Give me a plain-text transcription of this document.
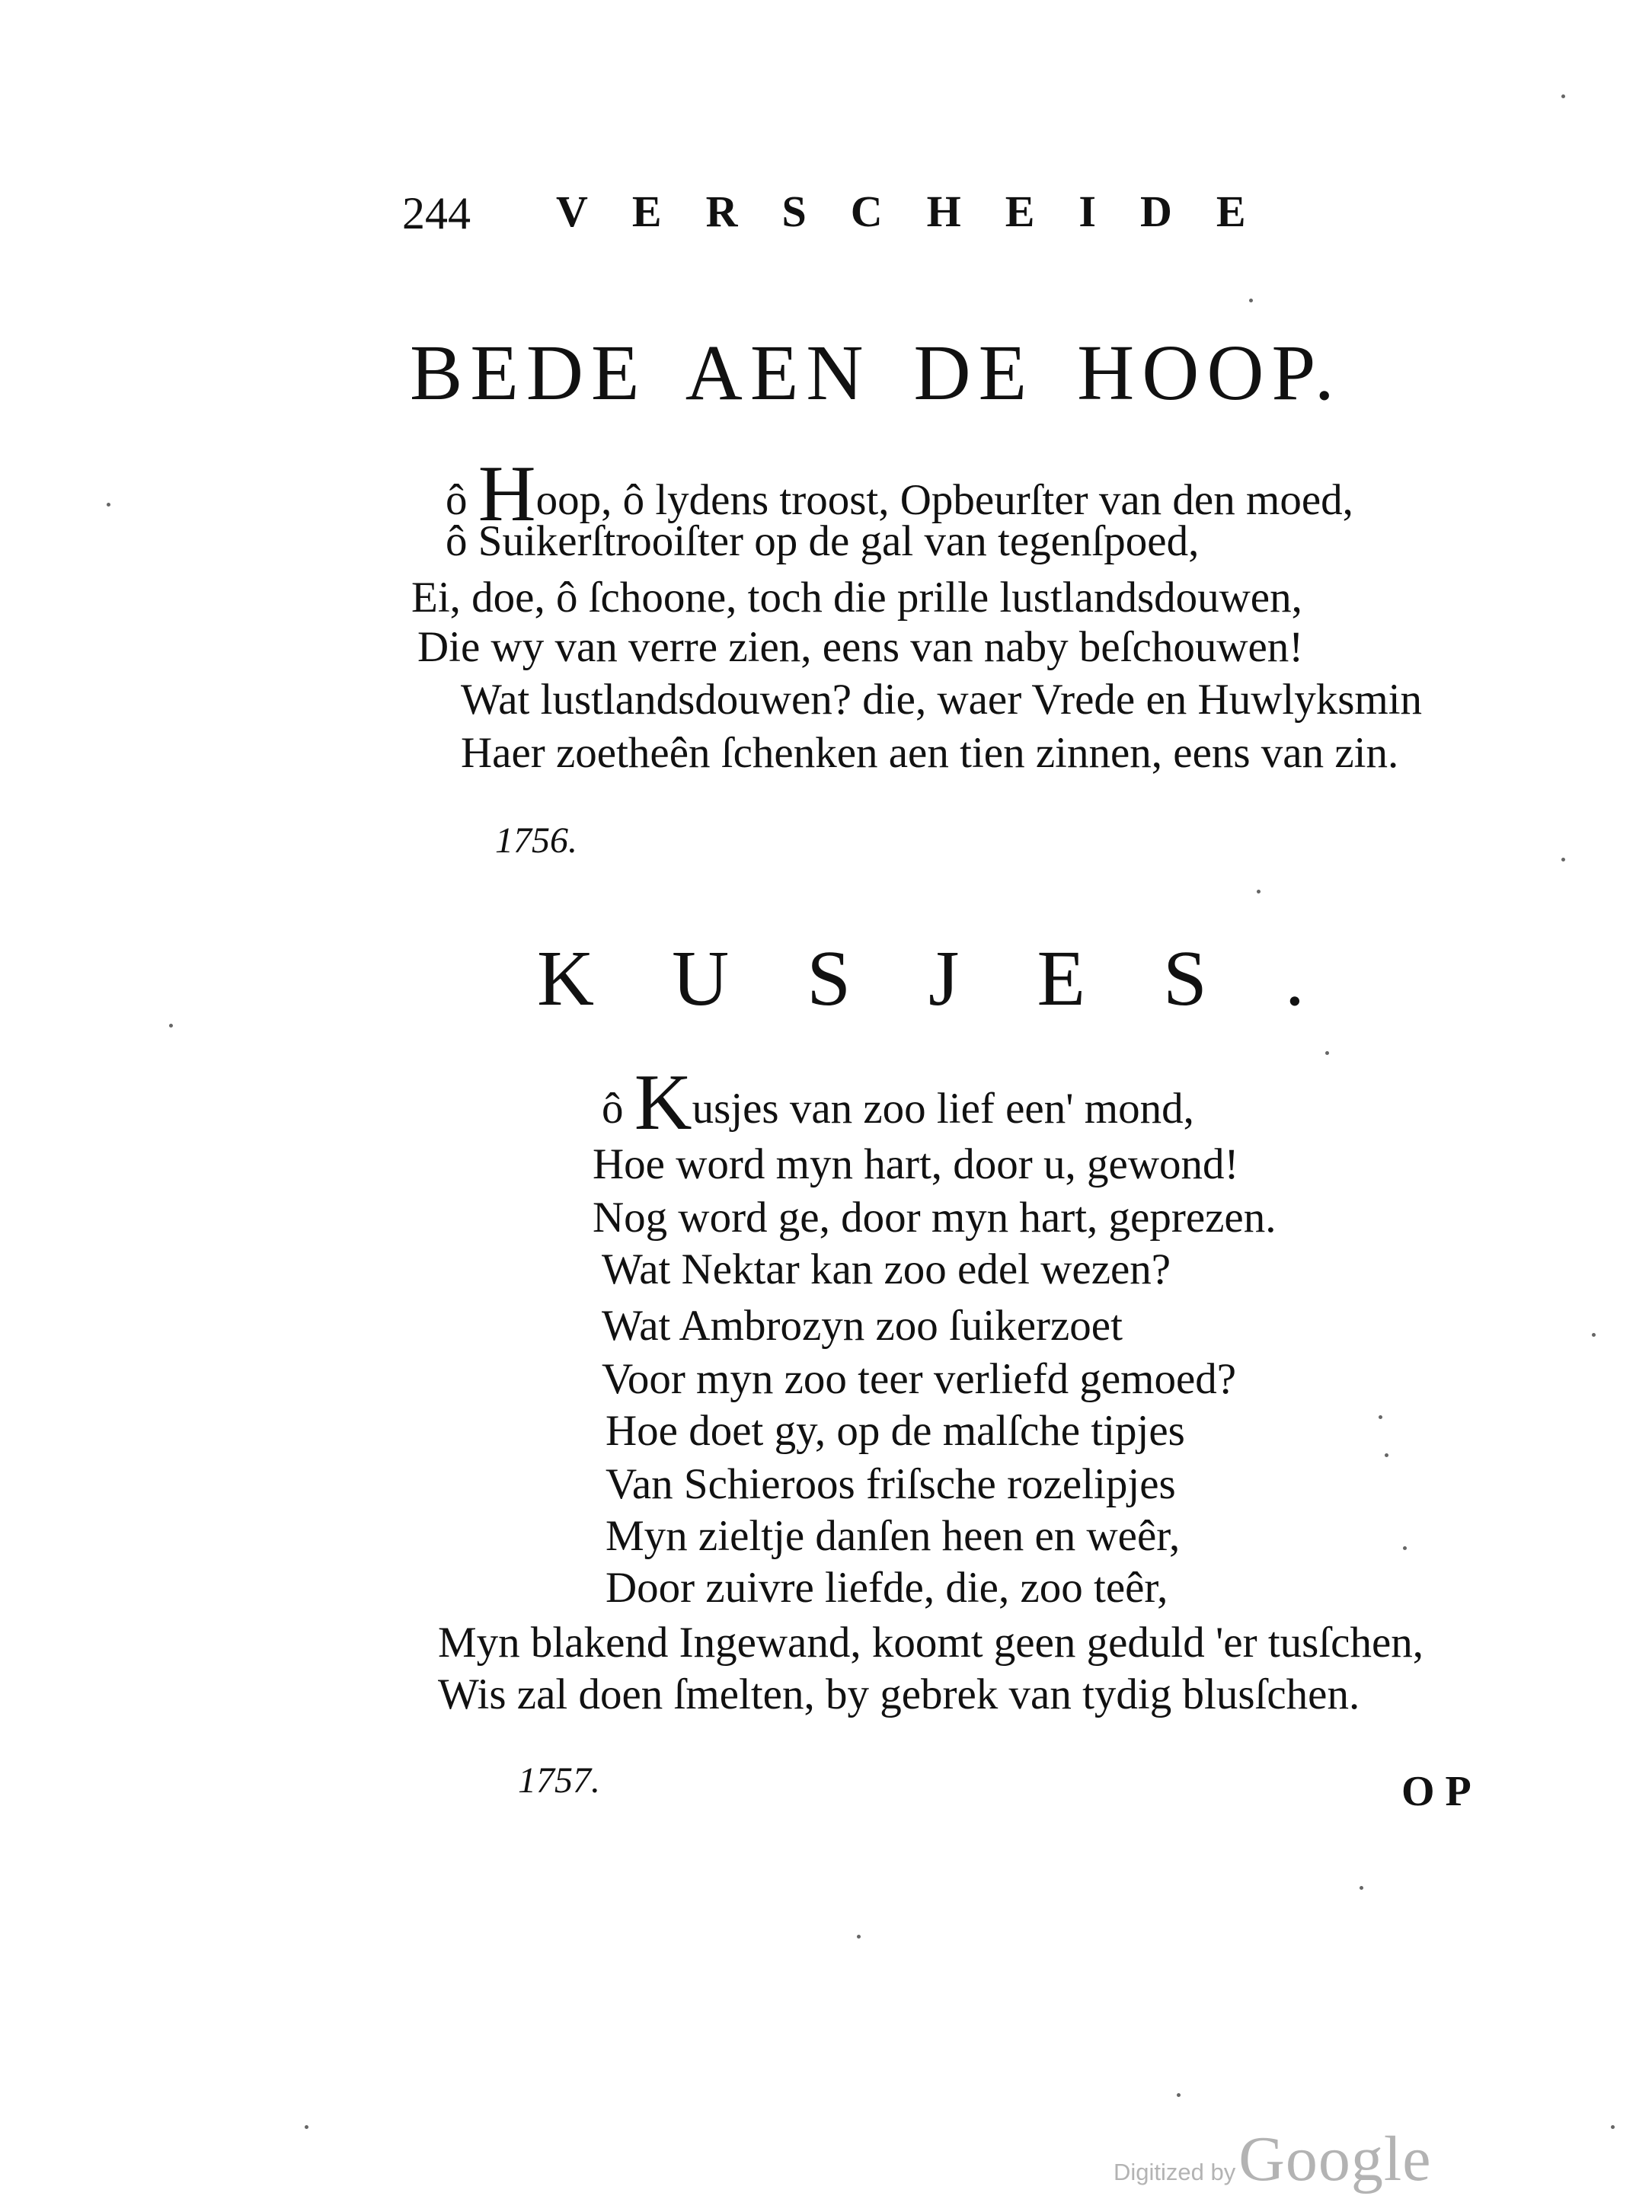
244 VERSCHEIDE
BEDE AEN DE HOOP.
ô Hoop, ô lydens troost, Opbeurſter van den moed,
ô Suikerſtrooiſter op de gal van tegenſpoed,
Ei, doe, ô ſchoone, toch die prille lustlandsdouwen,
Die wy van verre zien, eens van naby beſchouwen!
Wat lustlandsdouwen? die, waer Vrede en Huwlyksmin
Haer zoetheên ſchenken aen tien zinnen, eens van zin.
1756.
KUSJES.
ô Kusjes van zoo lief een' mond,
Hoe word myn hart, door u, gewond!
Nog word ge, door myn hart, geprezen.
Wat Nektar kan zoo edel wezen?
Wat Ambrozyn zoo ſuikerzoet
Voor myn zoo teer verliefd gemoed?
Hoe doet gy, op de malſche tipjes
Van Schieroos friſsche rozelipjes
Myn zieltje danſen heen en weêr,
Door zuivre liefde, die, zoo teêr,
Myn blakend Ingewand, koomt geen geduld 'er tusſchen,
Wis zal doen ſmelten, by gebrek van tydig blusſchen.
1757.	OP
Digitized by Google
